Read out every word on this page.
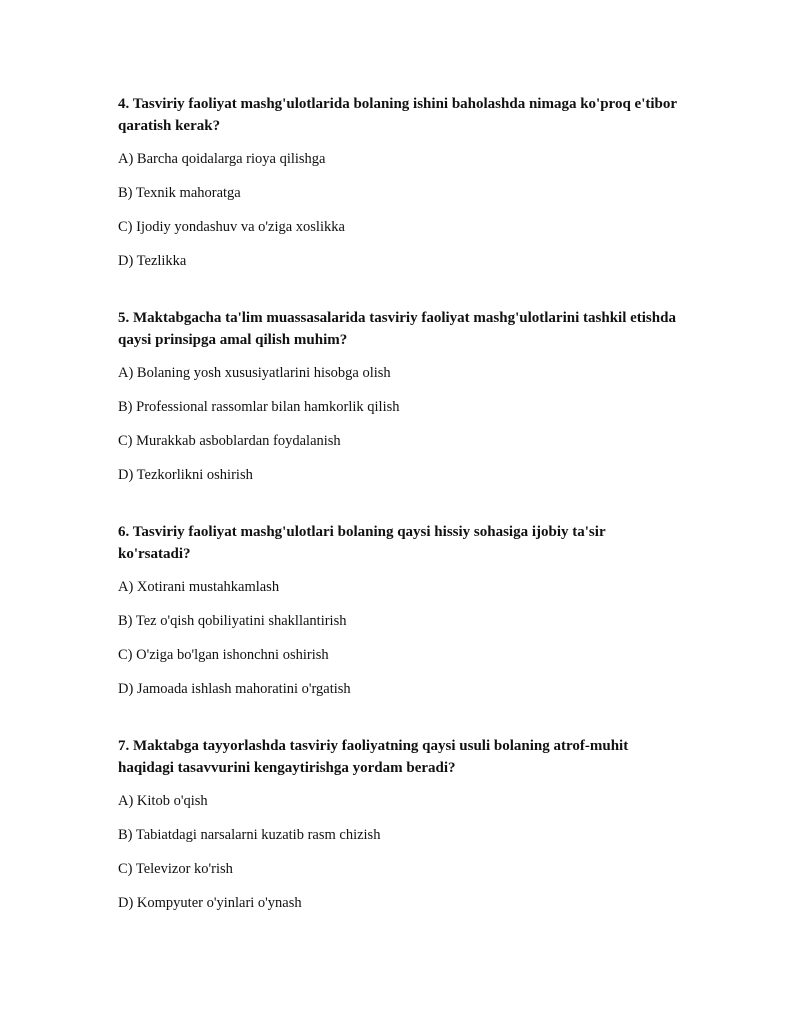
4. Tasviriy faoliyat mashg'ulotlarida bolaning ishini baholashda nimaga ko'proq e'tibor qaratish kerak?
A) Barcha qoidalarga rioya qilishga
B) Texnik mahoratga
C) Ijodiy yondashuv va o'ziga xoslikka
D) Tezlikka
5. Maktabgacha ta'lim muassasalarida tasviriy faoliyat mashg'ulotlarini tashkil etishda qaysi prinsipga amal qilish muhim?
A) Bolaning yosh xususiyatlarini hisobga olish
B) Professional rassomlar bilan hamkorlik qilish
C) Murakkab asboblardan foydalanish
D) Tezkorlikni oshirish
6. Tasviriy faoliyat mashg'ulotlari bolaning qaysi hissiy sohasiga ijobiy ta'sir ko'rsatadi?
A) Xotirani mustahkamlash
B) Tez o'qish qobiliyatini shakllantirish
C) O'ziga bo'lgan ishonchni oshirish
D) Jamoada ishlash mahoratini o'rgatish
7. Maktabga tayyorlashda tasviriy faoliyatning qaysi usuli bolaning atrof-muhit haqidagi tasavvurini kengaytirishga yordam beradi?
A) Kitob o'qish
B) Tabiatdagi narsalarni kuzatib rasm chizish
C) Televizor ko'rish
D) Kompyuter o'yinlari o'ynash
